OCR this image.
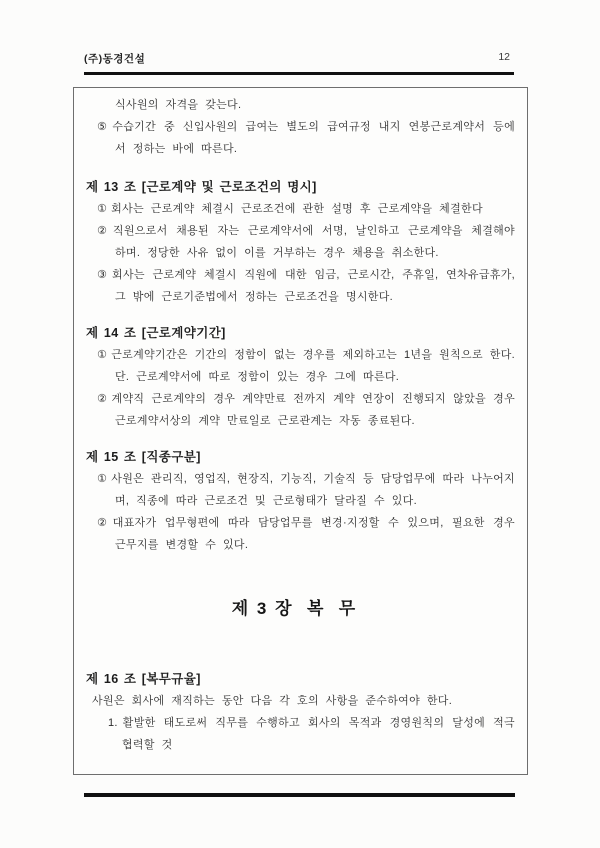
(주)동경건설	12

식사원의 자격을 갖는다.

⑤ 수습기간 중 신입사원의 급여는 별도의 급여규정 내지 연봉근로계약서 등에서 정하는 바에 따른다.

제 13 조 [근로계약 및 근로조건의 명시]

① 회사는 근로계약 체결시 근로조건에 관한 설명 후 근로계약을 체결한다

② 직원으로서 채용된 자는 근로계약서에 서명, 날인하고 근로계약을 체결해야 하며. 정당한 사유 없이 이를 거부하는 경우 채용을 취소한다.

③ 회사는 근로계약 체결시 직원에 대한 임금, 근로시간, 주휴일, 연차유급휴가, 그 밖에 근로기준법에서 정하는 근로조건을 명시한다.

제 14 조 [근로계약기간]

① 근로계약기간은 기간의 정함이 없는 경우를 제외하고는 1년을 원칙으로 한다. 단. 근로계약서에 따로 정함이 있는 경우 그에 따른다.

② 계약직 근로계약의 경우 계약만료 전까지 계약 연장이 진행되지 않았을 경우 근로계약서상의 계약 만료일로 근로관계는 자동 종료된다.

제 15 조 [직종구분]

① 사원은 관리직, 영업직, 현장직, 기능직, 기술직 등 담당업무에 따라 나누어지며, 직종에 따라 근로조건 및 근로형태가 달라질 수 있다.

② 대표자가 업무형편에 따라 담당업무를 변경·지정할 수 있으며, 필요한 경우 근무지를 변경할 수 있다.

제 3 장  복  무
제 16 조 [복무규율]

사원은 회사에 재직하는 동안 다음 각 호의 사항을 준수하여야 한다.

1. 활발한 태도로써 직무를 수행하고 회사의 목적과 경영원칙의 달성에 적극 협력할 것
